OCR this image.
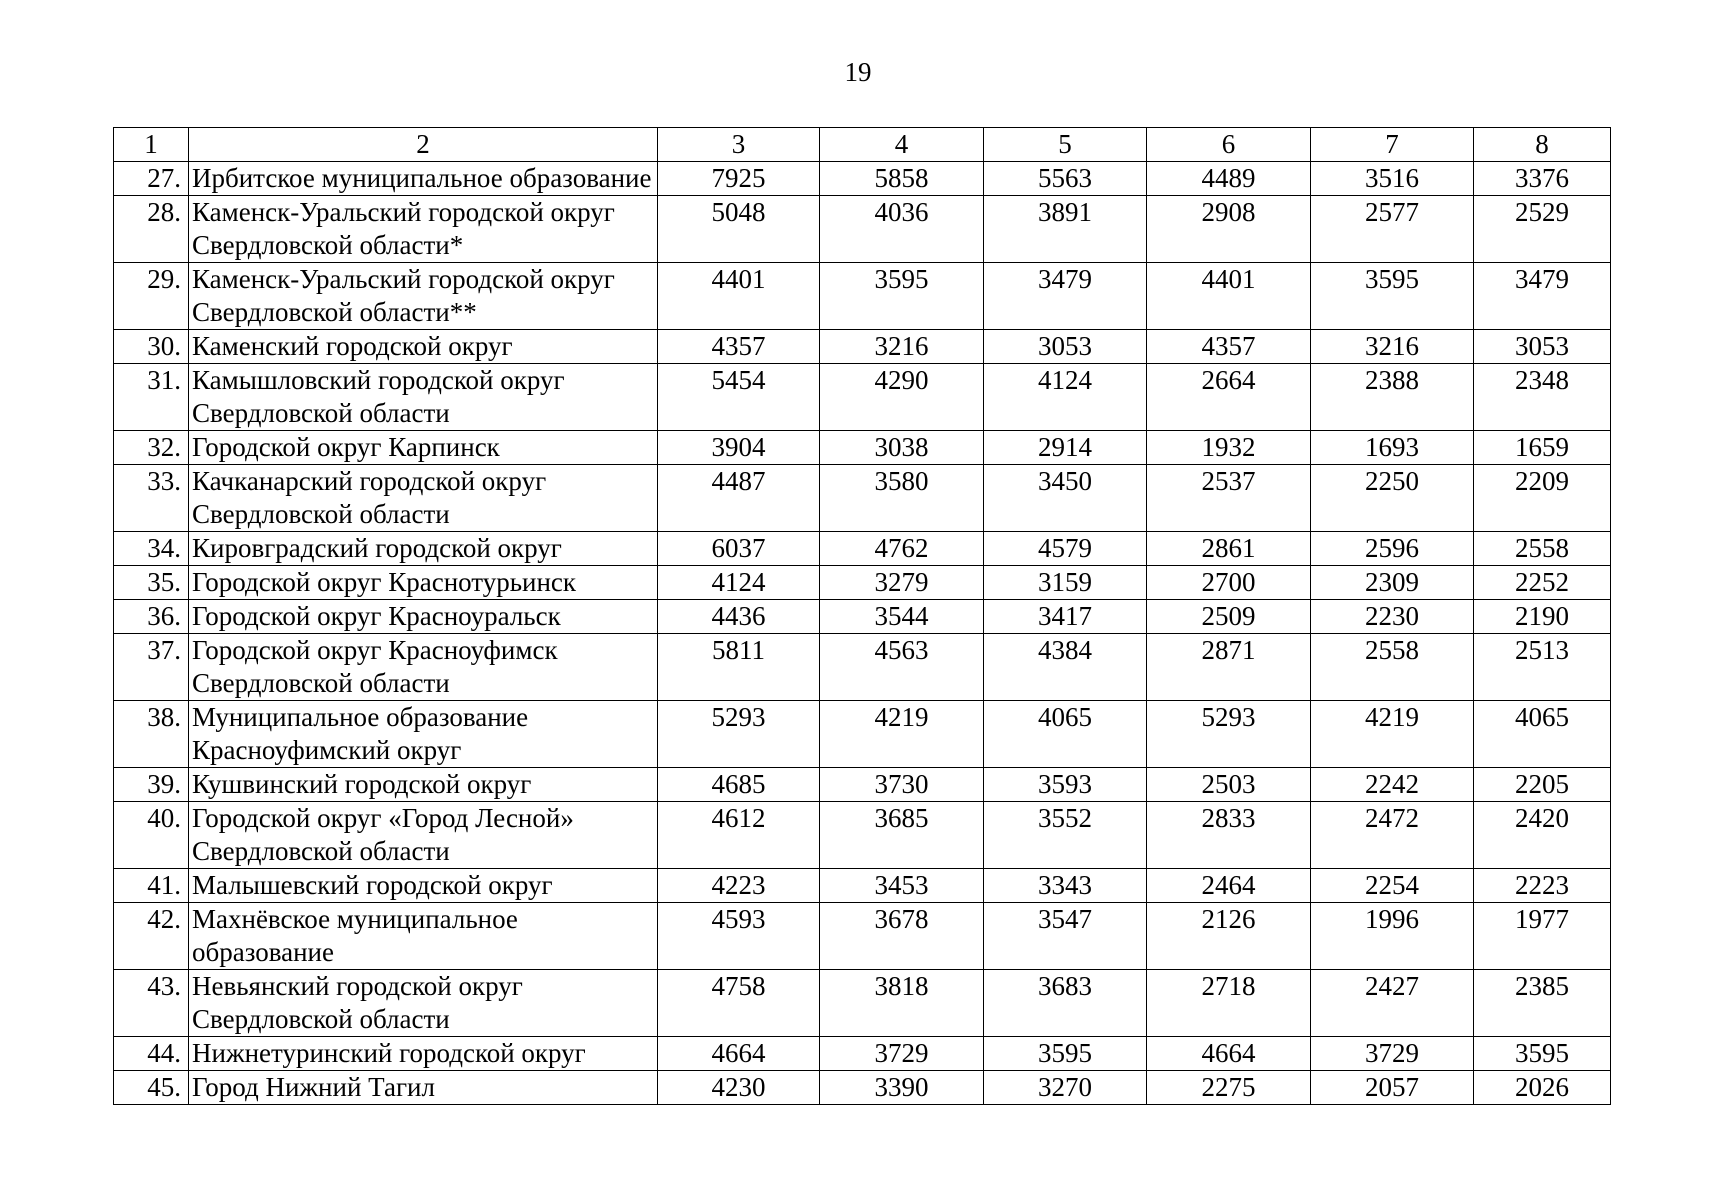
19
1	2	3	4	5	6	7	8
27.	Ирбитское муниципальное образование	7925	5858	5563	4489	3516	3376
28.	Каменск-Уральский городской округ Свердловской области*	5048	4036	3891	2908	2577	2529
29.	Каменск-Уральский городской округ Свердловской области**	4401	3595	3479	4401	3595	3479
30.	Каменский городской округ	4357	3216	3053	4357	3216	3053
31.	Камышловский городской округ Свердловской области	5454	4290	4124	2664	2388	2348
32.	Городской округ Карпинск	3904	3038	2914	1932	1693	1659
33.	Качканарский городской округ Свердловской области	4487	3580	3450	2537	2250	2209
34.	Кировградский городской округ	6037	4762	4579	2861	2596	2558
35.	Городской округ Краснотурьинск	4124	3279	3159	2700	2309	2252
36.	Городской округ Красноуральск	4436	3544	3417	2509	2230	2190
37.	Городской округ Красноуфимск Свердловской области	5811	4563	4384	2871	2558	2513
38.	Муниципальное образование Красноуфимский округ	5293	4219	4065	5293	4219	4065
39.	Кушвинский городской округ	4685	3730	3593	2503	2242	2205
40.	Городской округ «Город Лесной» Свердловской области	4612	3685	3552	2833	2472	2420
41.	Малышевский городской округ	4223	3453	3343	2464	2254	2223
42.	Махнёвское муниципальное образование	4593	3678	3547	2126	1996	1977
43.	Невьянский городской округ Свердловской области	4758	3818	3683	2718	2427	2385
44.	Нижнетуринский городской округ	4664	3729	3595	4664	3729	3595
45.	Город Нижний Тагил	4230	3390	3270	2275	2057	2026
